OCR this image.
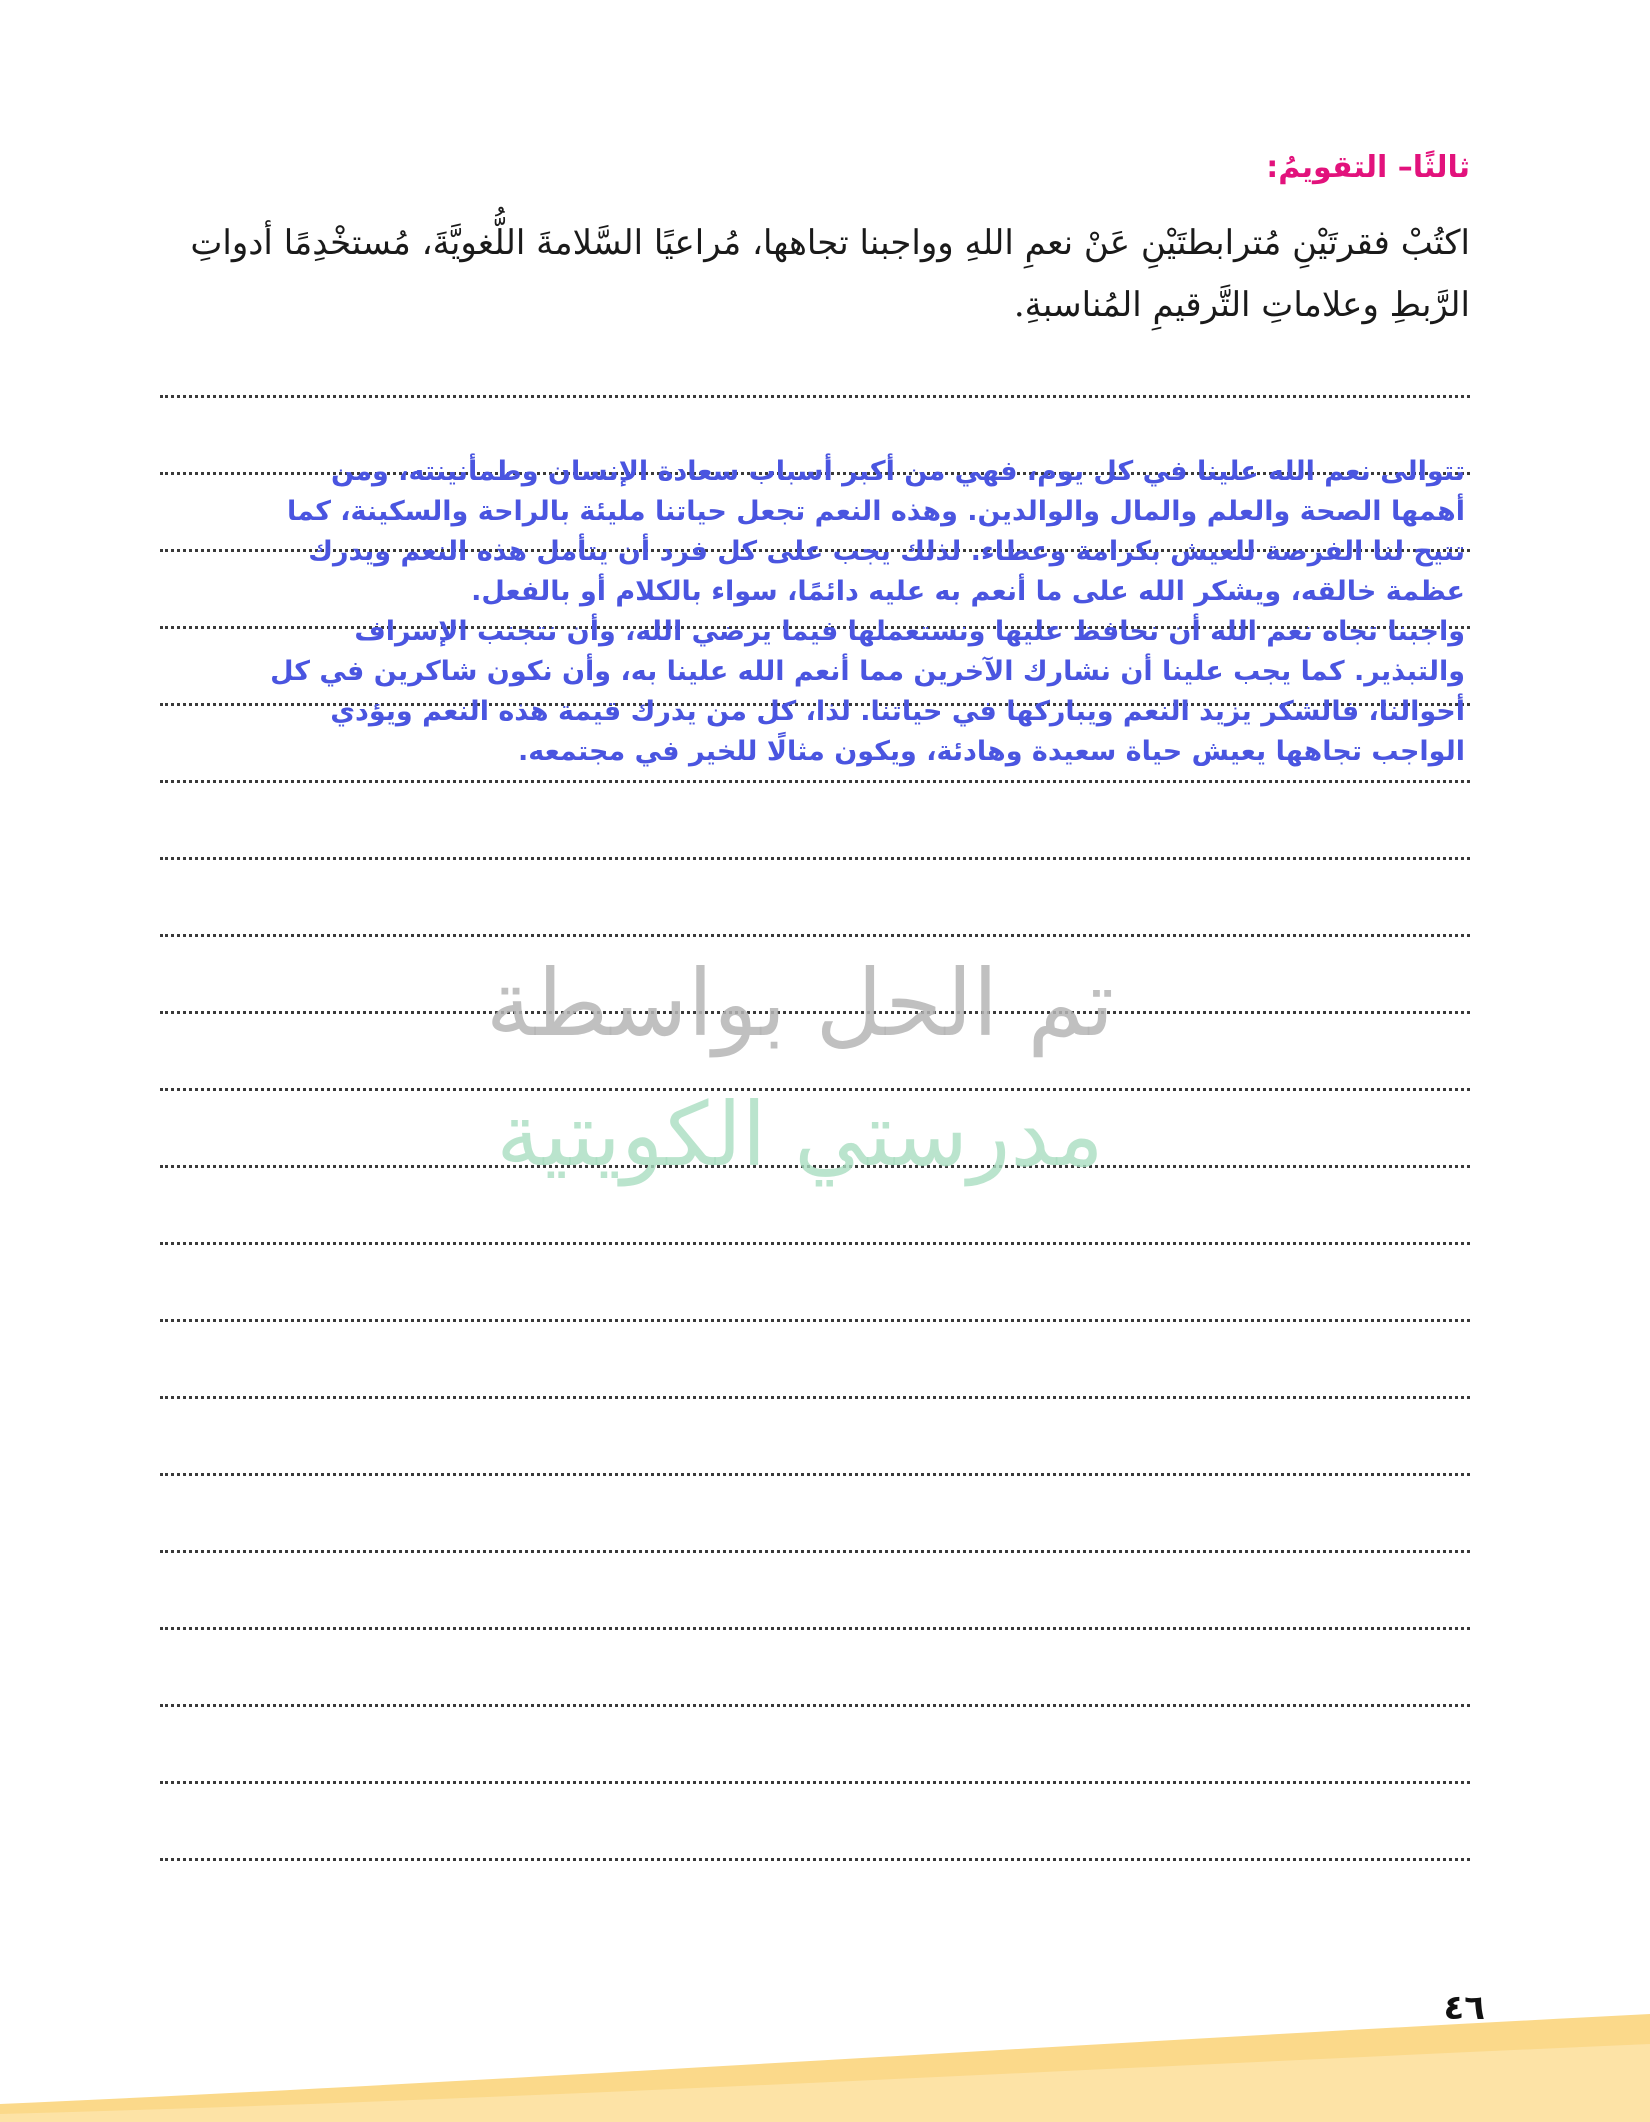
ثالثًا– التقويمُ:
اكتُبْ فقرتَيْنِ مُترابطتَيْنِ عَنْ نعمِ اللهِ وواجبنا تجاهها، مُراعيًا السَّلامةَ اللُّغويَّةَ، مُستخْدِمًا أدواتِ الرَّبطِ وعلاماتِ التَّرقيمِ المُناسبةِ.

تتوالى نعم الله علينا في كل يوم، فهي من أكبر أسباب سعادة الإنسان وطمأنينته، ومن أهمها الصحة والعلم والمال والوالدين. وهذه النعم تجعل حياتنا مليئة بالراحة والسكينة، كما تتيح لنا الفرصة للعيش بكرامة وعطاء. لذلك يجب على كل فرد أن يتأمل هذه النعم ويدرك عظمة خالقه، ويشكر الله على ما أنعم به عليه دائمًا، سواء بالكلام أو بالفعل.

واجبنا تجاه نعم الله أن نحافظ عليها ونستعملها فيما يرضي الله، وأن نتجنب الإسراف والتبذير. كما يجب علينا أن نشارك الآخرين مما أنعم الله علينا به، وأن نكون شاكرين في كل أحوالنا، فالشكر يزيد النعم ويباركها في حياتنا. لذا، كل من يدرك قيمة هذه النعم ويؤدي الواجب تجاهها يعيش حياة سعيدة وهادئة، ويكون مثالًا للخير في مجتمعه.

تم الحل بواسطة
مدرستي الكويتية
٤٦
